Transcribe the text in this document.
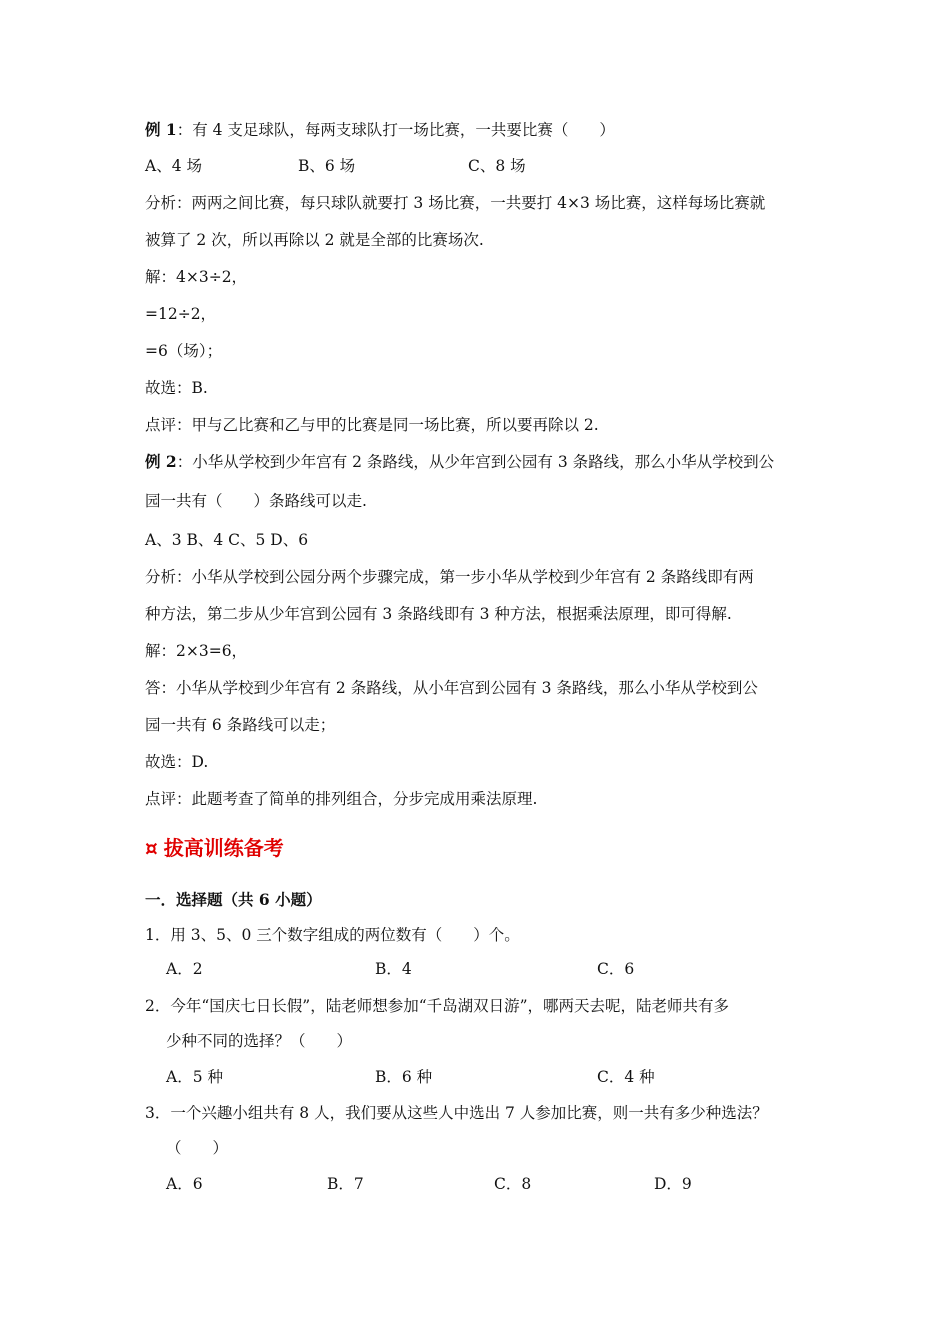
例 1：有 4 支足球队，每两支球队打一场比赛，一共要比赛（　　）
A、4 场	B、6 场	C、8 场
分析：两两之间比赛，每只球队就要打 3 场比赛，一共要打 4×3 场比赛，这样每场比赛就
被算了 2 次，所以再除以 2 就是全部的比赛场次.
解：4×3÷2，
=12÷2，
=6（场）；
故选：B.
点评：甲与乙比赛和乙与甲的比赛是同一场比赛，所以要再除以 2.
例 2：小华从学校到少年宫有 2 条路线，从少年宫到公园有 3 条路线，那么小华从学校到公
园一共有（　　）条路线可以走.
A、3 B、4 C、5 D、6
分析：小华从学校到公园分两个步骤完成，第一步小华从学校到少年宫有 2 条路线即有两
种方法，第二步从少年宫到公园有 3 条路线即有 3 种方法，根据乘法原理，即可得解.
解：2×3=6，
答：小华从学校到少年宫有 2 条路线，从小年宫到公园有 3 条路线，那么小华从学校到公
园一共有 6 条路线可以走；
故选：D.
点评：此题考查了简单的排列组合，分步完成用乘法原理.
¤ 拔高训练备考
一．选择题（共 6 小题）
1．用 3、5、0 三个数字组成的两位数有（　　）个。
A．2	B．4	C．6
2．今年“国庆七日长假”，陆老师想参加“千岛湖双日游”，哪两天去呢，陆老师共有多
少种不同的选择？（　　）
A．5 种	B．6 种	C．4 种
3．一个兴趣小组共有 8 人，我们要从这些人中选出 7 人参加比赛，则一共有多少种选法？
（　　）
A．6	B．7	C．8	D．9
